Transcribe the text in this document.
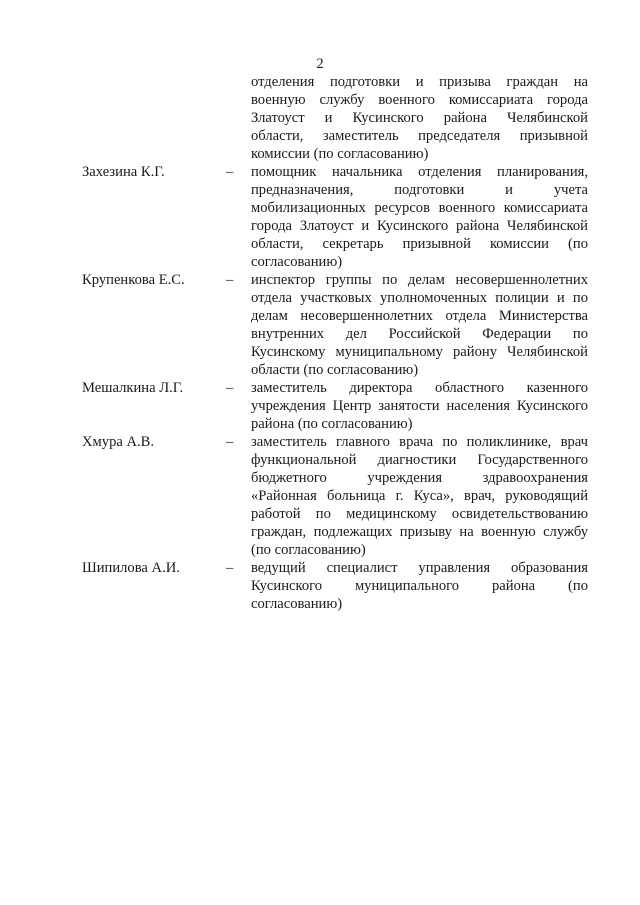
2
отделения подготовки и призыва граждан на
военную службу военного комиссариата города
Златоуст и Кусинского района Челябинской
области, заместитель председателя призывной
комиссии (по согласованию)
Захезина К.Г.	– помощник начальника отделения планирования,
предназначения, подготовки и учета
мобилизационных ресурсов военного комиссариата
города Златоуст и Кусинского района Челябинской
области, секретарь призывной комиссии (по
согласованию)
Крупенкова Е.С.	– инспектор группы по делам несовершеннолетних
отдела участковых уполномоченных полиции и по
делам несовершеннолетних отдела Министерства
внутренних дел Российской Федерации по
Кусинскому муниципальному району Челябинской
области (по согласованию)
Мешалкина Л.Г.	– заместитель директора областного казенного
учреждения Центр занятости населения Кусинского
района (по согласованию)
Хмура А.В.	– заместитель главного врача по поликлинике, врач
функциональной диагностики Государственного
бюджетного учреждения здравоохранения
«Районная больница г. Куса», врач, руководящий
работой по медицинскому освидетельствованию
граждан, подлежащих призыву на военную службу
(по согласованию)
Шипилова А.И.	– ведущий специалист управления образования
Кусинского муниципального района (по
согласованию)
